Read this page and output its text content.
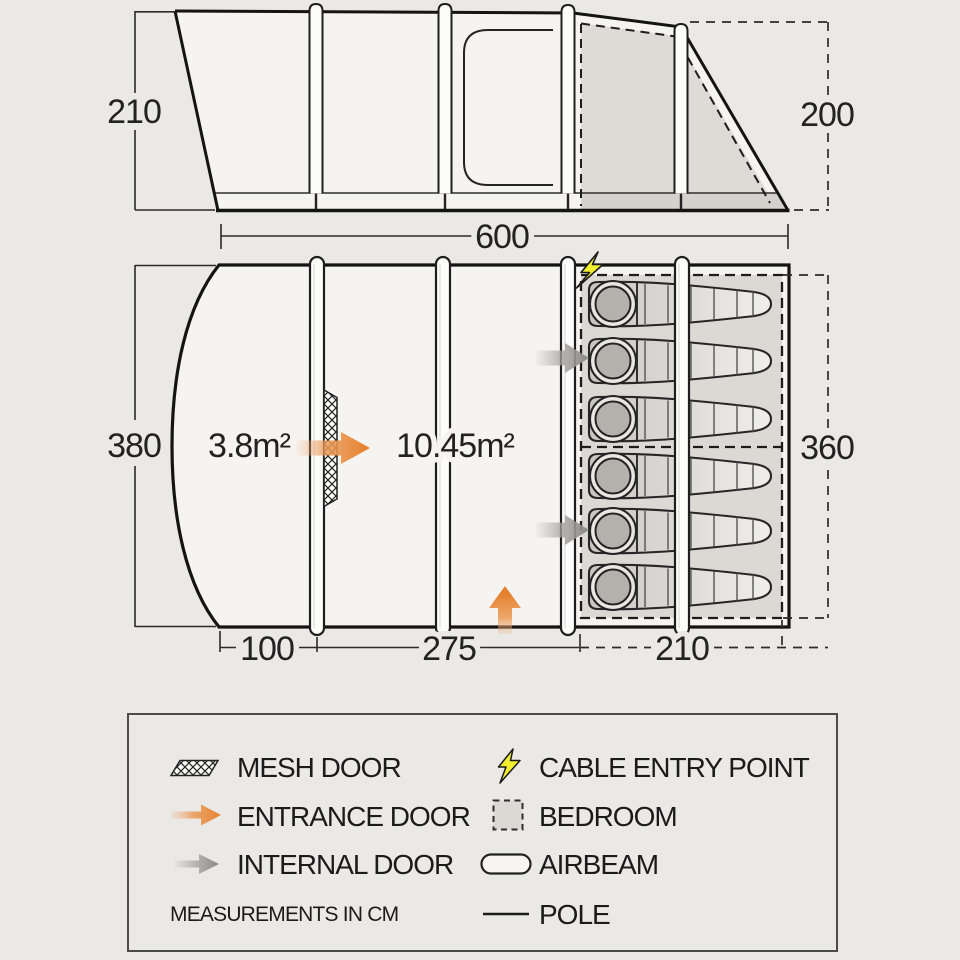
210	200
600
380 3.8m²	10.45m²	360
100	275	210
MESH DOOR
ENTRANCE DOOR
INTERNAL DOOR
MEASUREMENTS IN CM
CABLE ENTRY POINT
BEDROOM
AIRBEAM
POLE
